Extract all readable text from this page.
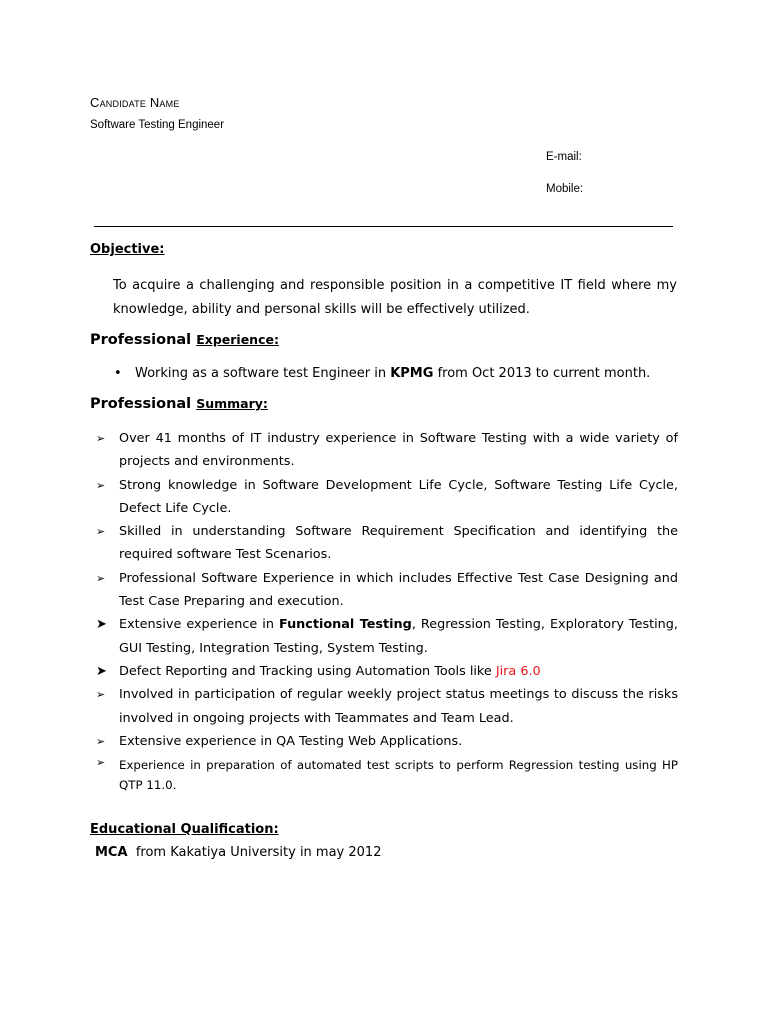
Candidate Name
Software Testing Engineer
E-mail:
Mobile:
Objective:
To acquire a challenging and responsible position in a competitive IT field where my knowledge, ability and personal skills will be effectively utilized.
Professional Experience:
• Working as a software test Engineer in KPMG from Oct 2013 to current month.
Professional Summary:
➢ Over 41 months of IT industry experience in Software Testing with a wide variety of projects and environments.
➢ Strong knowledge in Software Development Life Cycle, Software Testing Life Cycle, Defect Life Cycle.
➢ Skilled in understanding Software Requirement Specification and identifying the required software Test Scenarios.
➢ Professional Software Experience in which includes Effective Test Case Designing and Test Case Preparing and execution.
➤ Extensive experience in Functional Testing, Regression Testing, Exploratory Testing, GUI Testing, Integration Testing, System Testing.
➤ Defect Reporting and Tracking using Automation Tools like Jira 6.0
➢ Involved in participation of regular weekly project status meetings to discuss the risks involved in ongoing projects with Teammates and Team Lead.
➢ Extensive experience in QA Testing Web Applications.
➢ Experience in preparation of automated test scripts to perform Regression testing using HP QTP 11.0.
Educational Qualification:
MCA from Kakatiya University in may 2012
